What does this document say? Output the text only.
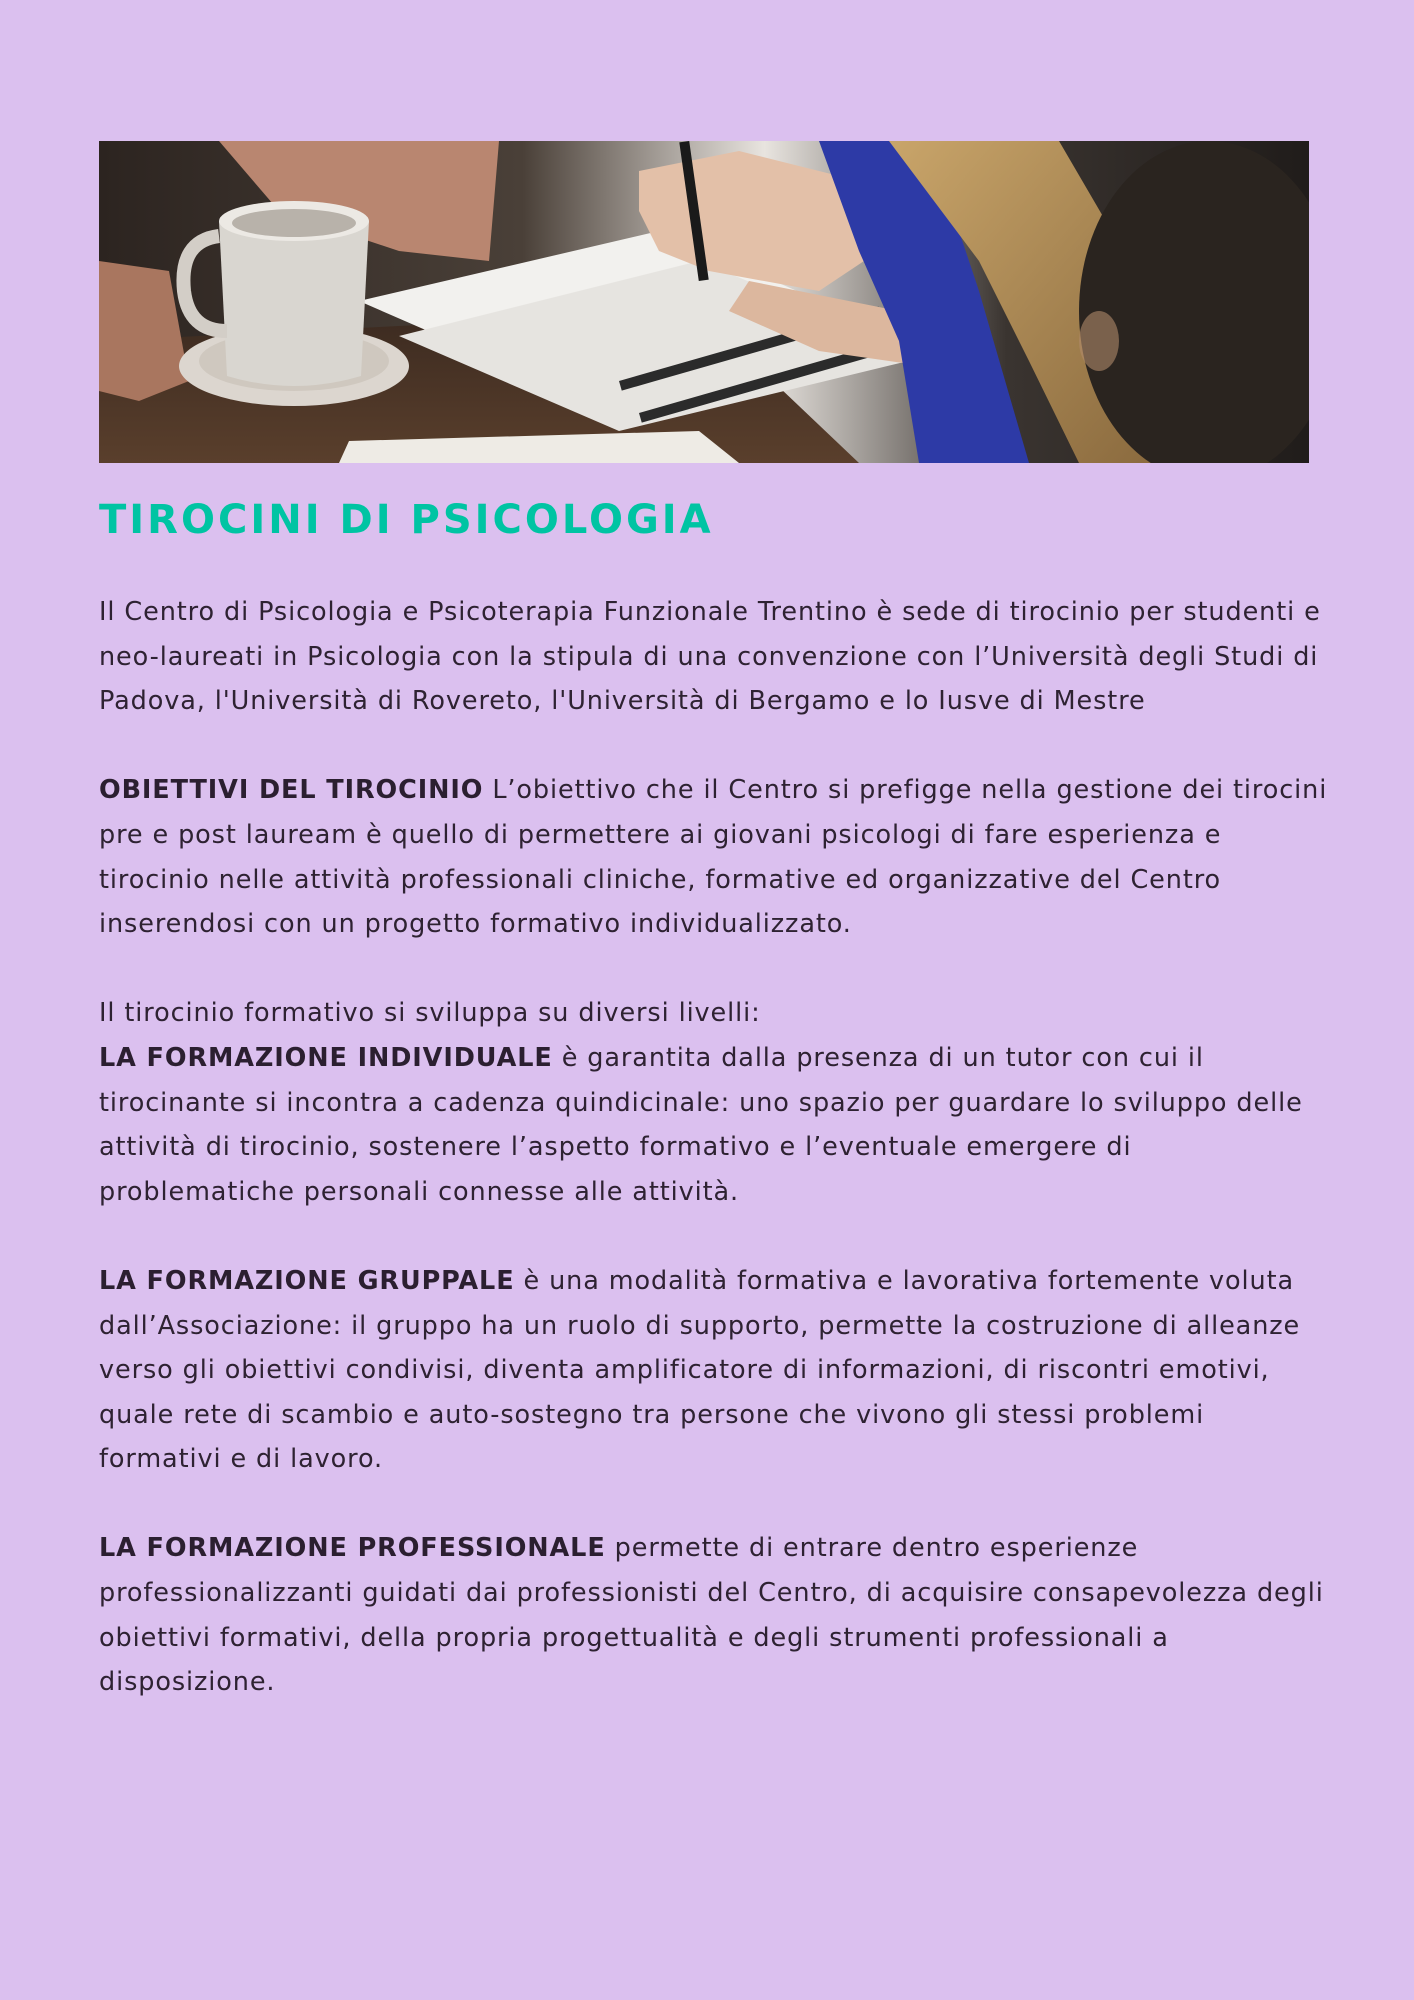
TIROCINI DI PSICOLOGIA

Il Centro di Psicologia e Psicoterapia Funzionale Trentino è sede di tirocinio per studenti e neo-laureati in Psicologia con la stipula di una convenzione con l’Università degli Studi di Padova, l'Università di Rovereto, l'Università di Bergamo e lo Iusve di Mestre

OBIETTIVI DEL TIROCINIO L’obiettivo che il Centro si prefigge nella gestione dei tirocini pre e post lauream è quello di permettere ai giovani psicologi di fare esperienza e tirocinio nelle attività professionali cliniche, formative ed organizzative del Centro inserendosi con un progetto formativo individualizzato.

Il tirocinio formativo si sviluppa su diversi livelli:

LA FORMAZIONE INDIVIDUALE è garantita dalla presenza di un tutor con cui il tirocinante si incontra a cadenza quindicinale: uno spazio per guardare lo sviluppo delle attività di tirocinio, sostenere l’aspetto formativo e l’eventuale emergere di problematiche personali connesse alle attività.

LA FORMAZIONE GRUPPALE è una modalità formativa e lavorativa fortemente voluta dall’Associazione: il gruppo ha un ruolo di supporto, permette la costruzione di alleanze verso gli obiettivi condivisi, diventa amplificatore di informazioni, di riscontri emotivi, quale rete di scambio e auto-sostegno tra persone che vivono gli stessi problemi formativi e di lavoro.

LA FORMAZIONE PROFESSIONALE permette di entrare dentro esperienze professionalizzanti guidati dai professionisti del Centro, di acquisire consapevolezza degli obiettivi formativi, della propria progettualità e degli strumenti professionali a disposizione.
